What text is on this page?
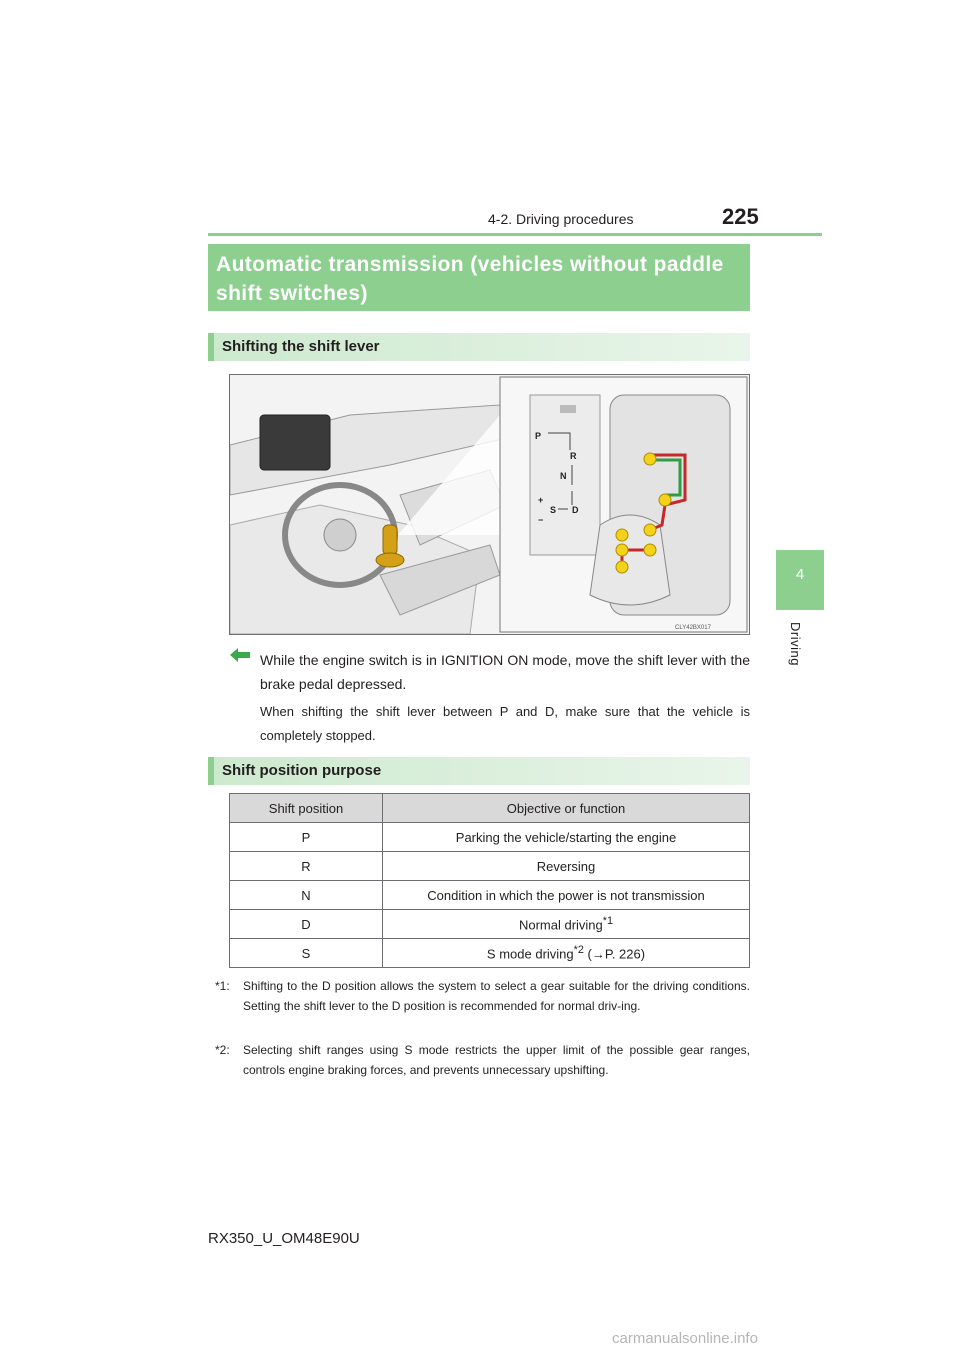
4-2. Driving procedures	225
4
Driving
Automatic transmission (vehicles without paddle shift switches)
Shifting the shift lever
P
R
N
D
S
+
−
CLY42BX017
While the engine switch is in IGNITION ON mode, move the shift lever with the brake pedal depressed.
When shifting the shift lever between P and D, make sure that the vehicle is completely stopped.
Shift position purpose
Shift position	Objective or function
P	Parking the vehicle/starting the engine
R	Reversing
N	Condition in which the power is not transmission
D	Normal driving$^{*1}$
S	S mode driving$^{*2}$ (→P. 226)
*1: Shifting to the D position allows the system to select a gear suitable for the driving conditions. Setting the shift lever to the D position is recommended for normal driv-ing.
*2: Selecting shift ranges using S mode restricts the upper limit of the possible gear ranges, controls engine braking forces, and prevents unnecessary upshifting.
RX350_U_OM48E90U
carmanualsonline.info
